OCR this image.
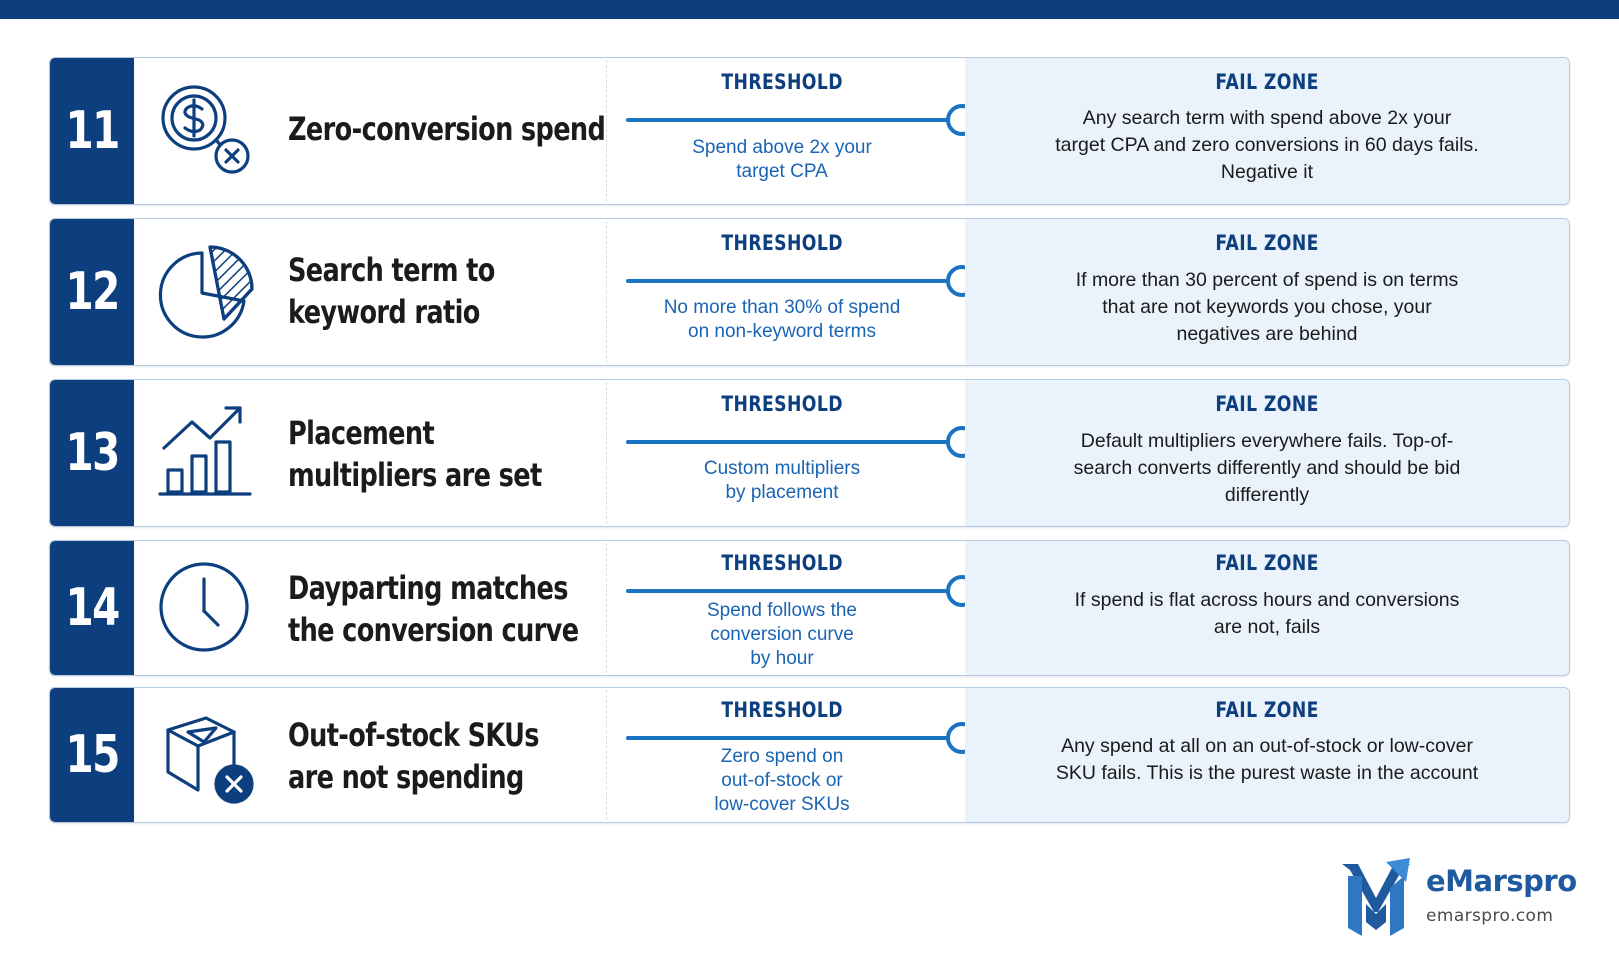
11	Zero-conversion spend
THRESHOLD
Spend above 2x your
target CPA
FAIL ZONE
Any search term with spend above 2x your
target CPA and zero conversions in 60 days fails.
Negative it
12	Search term to
keyword ratio
THRESHOLD
No more than 30% of spend
on non-keyword terms
FAIL ZONE
If more than 30 percent of spend is on terms
that are not keywords you chose, your
negatives are behind
13	Placement
multipliers are set
THRESHOLD
Custom multipliers
by placement
FAIL ZONE
Default multipliers everywhere fails. Top-of-
search converts differently and should be bid
differently
14	Dayparting matches
the conversion curve
THRESHOLD
Spend follows the
conversion curve
by hour
FAIL ZONE
If spend is flat across hours and conversions
are not, fails
15	Out-of-stock SKUs
are not spending
THRESHOLD
Zero spend on
out-of-stock or
low-cover SKUs
FAIL ZONE
Any spend at all on an out-of-stock or low-cover
SKU fails. This is the purest waste in the account
eMarspro
emarspro.com
